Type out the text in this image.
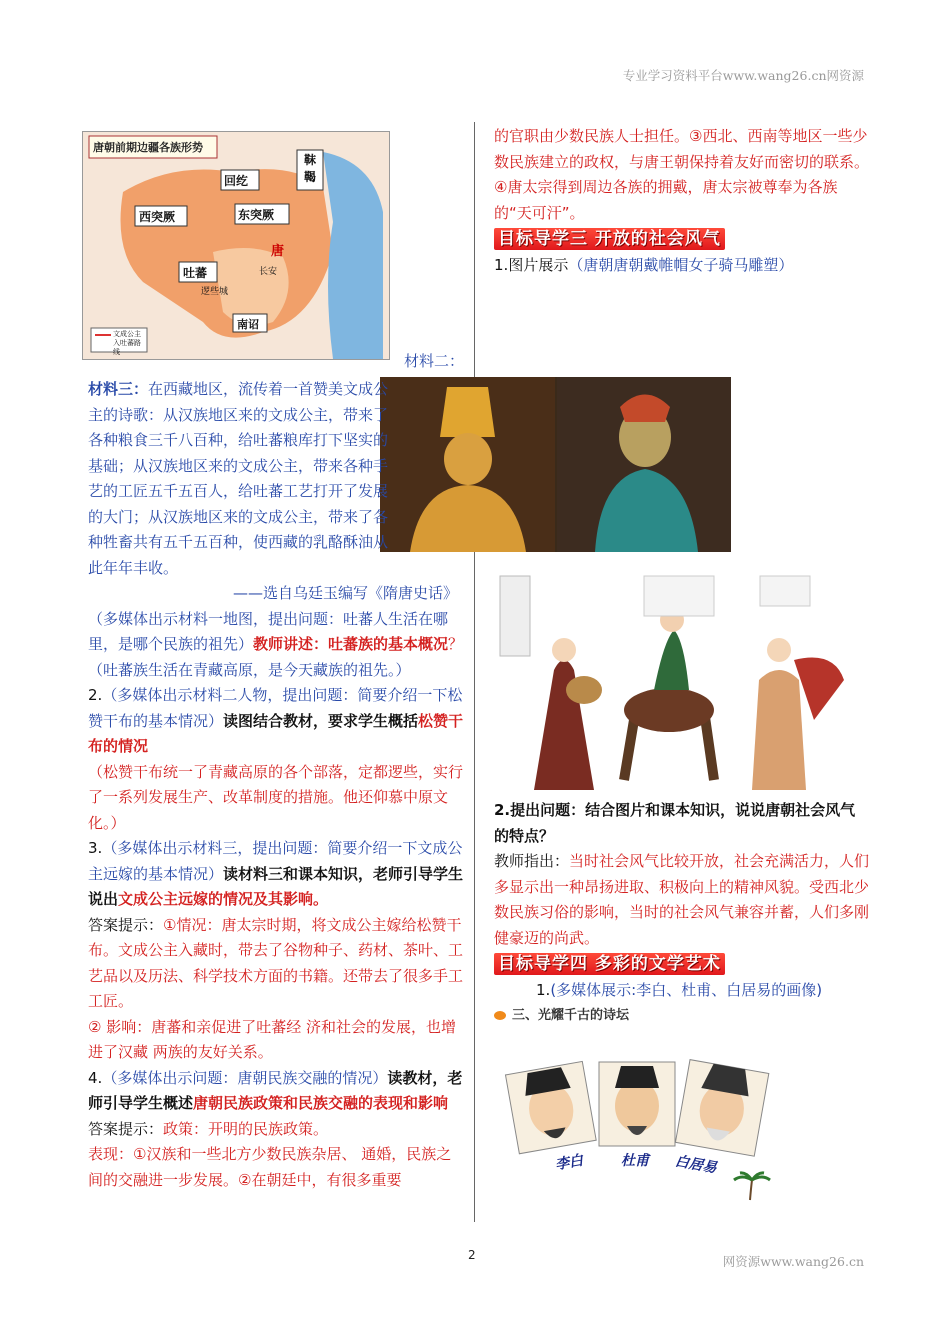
专业学习资料平台www.wang26.cn网资源
2	网资源www.wang26.cn
唐朝前期边疆各族形势
回纥
靺鞨
西突厥	东突厥
吐蕃
唐
长安
逻些城
南诏
文成公主入吐蕃路线	材料二：

材料三：在西藏地区，流传着一首赞美文成公主的诗歌：从汉族地区来的文成公主，带来了各种粮食三千八百种，给吐蕃粮库打下坚实的基础；从汉族地区来的文成公主，带来各种手艺的工匠五千五百人，给吐蕃工艺打开了发展的大门；从汉族地区来的文成公主，带来了各种牲畜共有五千五百种，使西藏的乳酪酥油从此年年丰收。

——选自乌廷玉编写《隋唐史话》

（多媒体出示材料一地图，提出问题：吐蕃人生活在哪里，是哪个民族的祖先）教师讲述：吐蕃族的基本概况？（吐蕃族生活在青藏高原，是今天藏族的祖先。）

2.（多媒体出示材料二人物，提出问题：简要介绍一下松赞干布的基本情况）读图结合教材，要求学生概括松赞干布的情况

（松赞干布统一了青藏高原的各个部落，定都逻些，实行了一系列发展生产、改革制度的措施。他还仰慕中原文化。）

3.（多媒体出示材料三，提出问题：简要介绍一下文成公主远嫁的基本情况）读材料三和课本知识，老师引导学生说出文成公主远嫁的情况及其影响。

答案提示：①情况：唐太宗时期，将文成公主嫁给松赞干布。文成公主入藏时，带去了谷物种子、药材、茶叶、工艺品以及历法、科学技术方面的书籍。还带去了很多手工工匠。

② 影响：唐蕃和亲促进了吐蕃经 济和社会的发展，也增进了汉藏 两族的友好关系。

4.（多媒体出示问题：唐朝民族交融的情况）读教材，老师引导学生概述唐朝民族政策和民族交融的表现和影响

答案提示：政策：开明的民族政策。

表现：①汉族和一些北方少数民族杂居、 通婚，民族之间的交融进一步发展。②在朝廷中，有很多重要

的官职由少数民族人士担任。③西北、西南等地区一些少数民族建立的政权，与唐王朝保持着友好而密切的联系。④唐太宗得到周边各族的拥戴，唐太宗被尊奉为各族的“天可汗”。

目标导学三 开放的社会风气

1.图片展示（唐朝唐朝戴帷帽女子骑马雕塑）

2.提出问题：结合图片和课本知识，说说唐朝社会风气的特点？

教师指出：当时社会风气比较开放，社会充满活力，人们多显示出一种昂扬进取、积极向上的精神风貌。受西北少数民族习俗的影响，当时的社会风气兼容并蓄，人们多刚健豪迈的尚武。

目标导学四 多彩的文学艺术

1.(多媒体展示:李白、杜甫、白居易的画像)

三、光耀千古的诗坛
李白	杜甫 白居易
